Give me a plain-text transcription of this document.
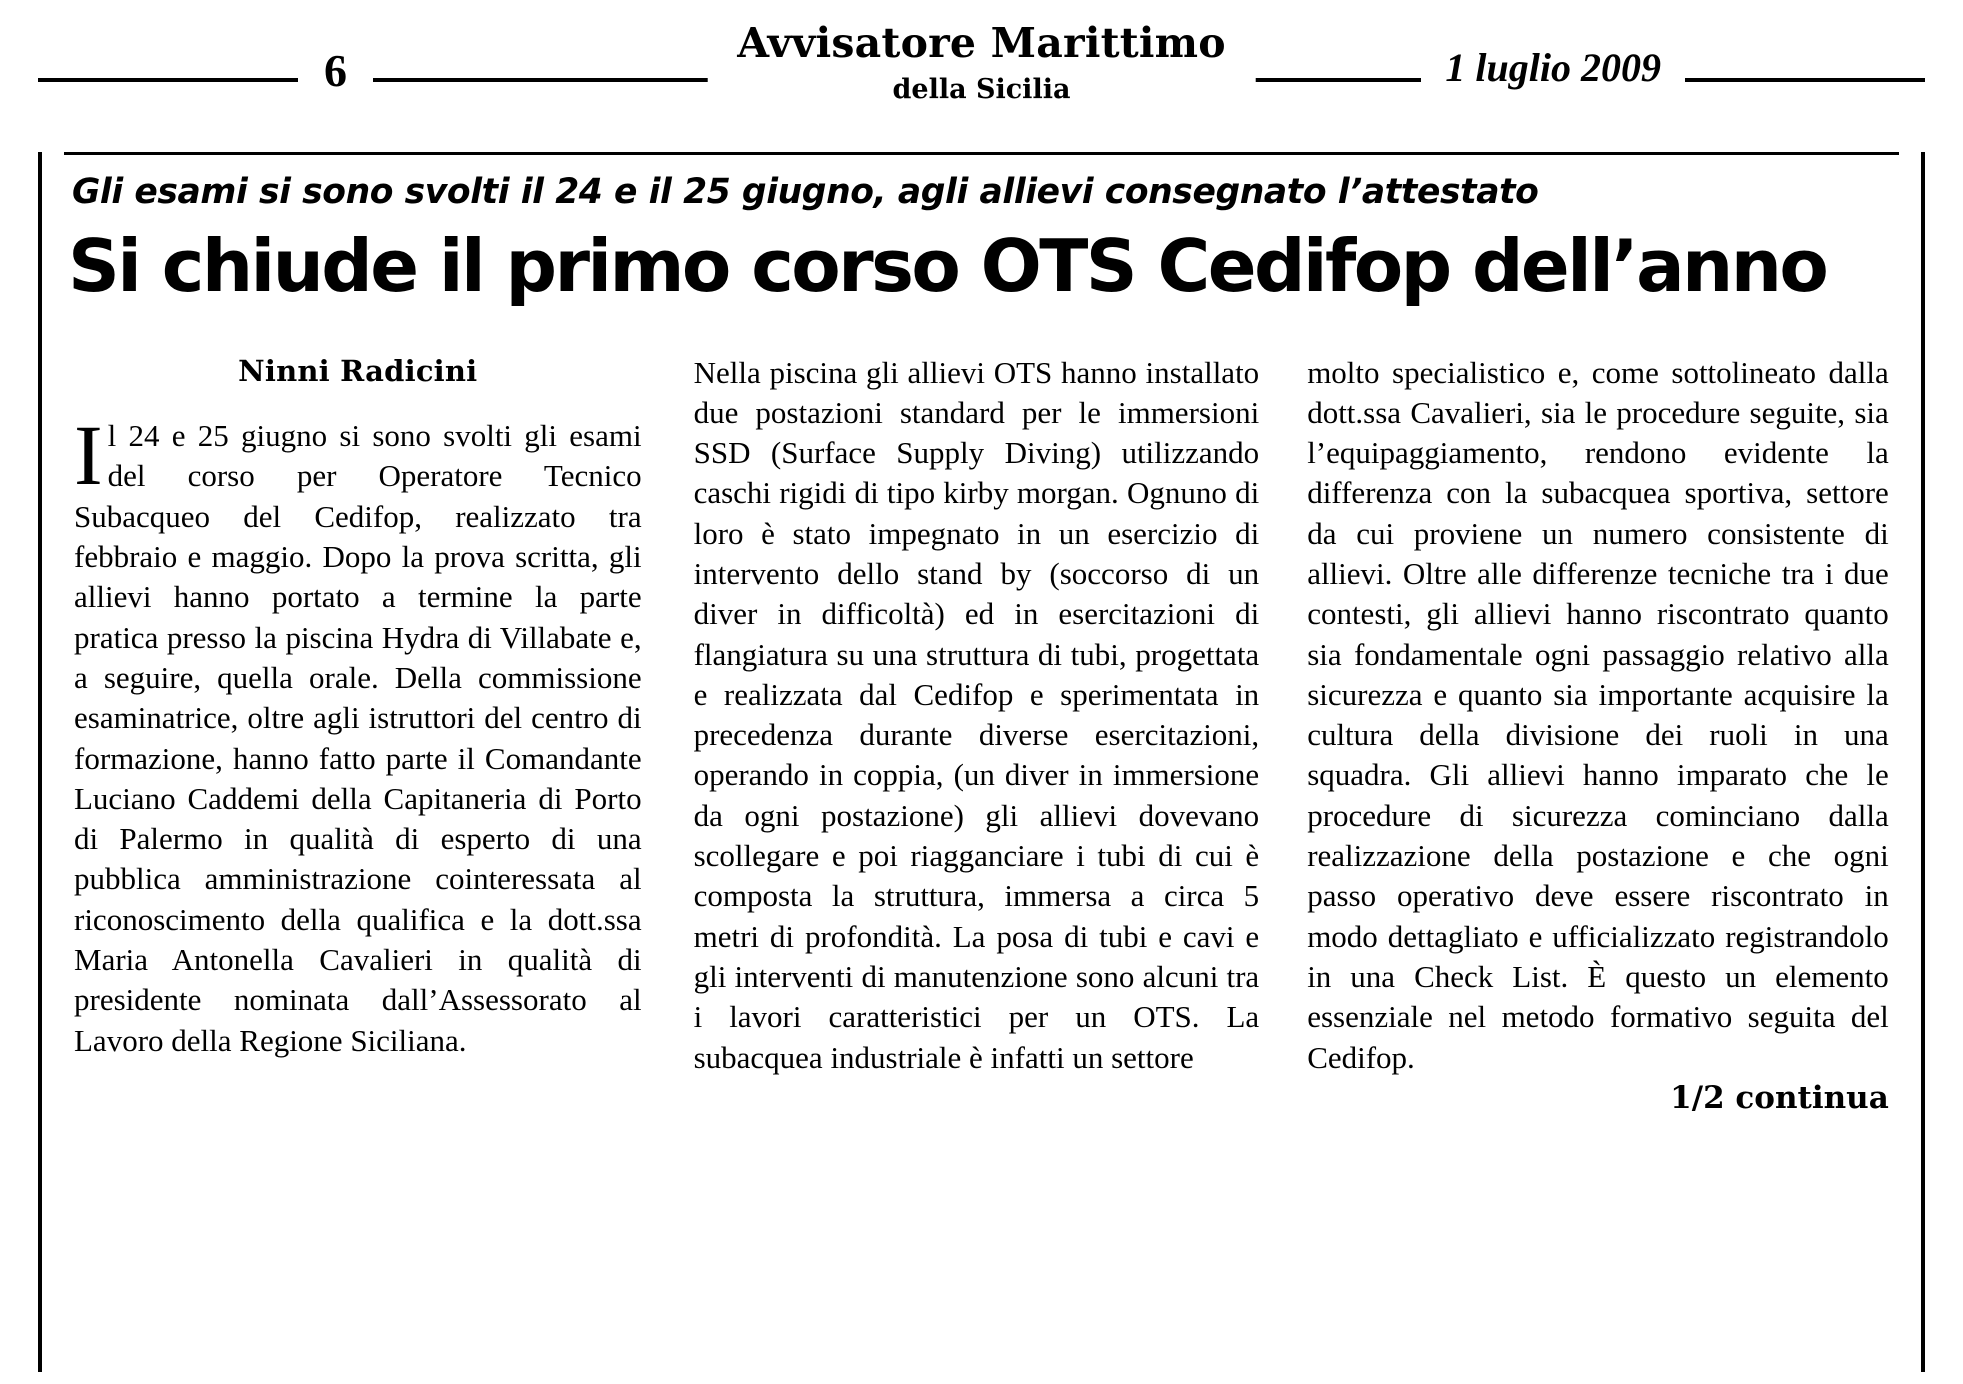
6
Avvisatore Marittimo
della Sicilia	1 luglio 2009
Gli esami si sono svolti il 24 e il 25 giugno, agli allievi consegnato l’attestato
Si chiude il primo corso OTS Cedifop dell’anno
Ninni Radicini

Il 24 e 25 giugno si sono svolti gli esami del corso per Operatore Tecnico Subacqueo del Cedifop, realizzato tra febbraio e maggio. Dopo la prova scritta, gli allievi hanno portato a termine la parte pratica presso la piscina Hydra di Villabate e, a seguire, quella orale. Della commissione esaminatrice, oltre agli istruttori del centro di formazione, hanno fatto parte il Comandante Luciano Caddemi della Capitaneria di Porto di Palermo in qualità di esperto di una pubblica amministrazione cointeressata al riconoscimento della qualifica e la dott.ssa Maria Antonella Cavalieri in qualità di presidente nominata dall’Assessorato al Lavoro della Regione Siciliana.

Nella piscina gli allievi OTS hanno installato due postazioni standard per le immersioni SSD (Surface Supply Diving) utilizzando caschi rigidi di tipo kirby morgan. Ognuno di loro è stato impegnato in un esercizio di intervento dello stand by (soccorso di un diver in difficoltà) ed in esercitazioni di flangiatura su una struttura di tubi, progettata e realizzata dal Cedifop e sperimentata in precedenza durante diverse esercitazioni, operando in coppia, (un diver in immersione da ogni postazione) gli allievi dovevano scollegare e poi riagganciare i tubi di cui è composta la struttura, immersa a circa 5 metri di profondità. La posa di tubi e cavi e gli interventi di manutenzione sono alcuni tra i lavori caratteristici per un OTS. La subacquea industriale è infatti un settore

molto specialistico e, come sottolineato dalla dott.ssa Cavalieri, sia le procedure seguite, sia l’equipaggiamento, rendono evidente la differenza con la subacquea sportiva, settore da cui proviene un numero consistente di allievi. Oltre alle differenze tecniche tra i due contesti, gli allievi hanno riscontrato quanto sia fondamentale ogni passaggio relativo alla sicurezza e quanto sia importante acquisire la cultura della divisione dei ruoli in una squadra. Gli allievi hanno imparato che le procedure di sicurezza cominciano dalla realizzazione della postazione e che ogni passo operativo deve essere riscontrato in modo dettagliato e ufficializzato registrandolo in una Check List. È questo un elemento essenziale nel metodo formativo seguita del Cedifop.

1/2 continua
